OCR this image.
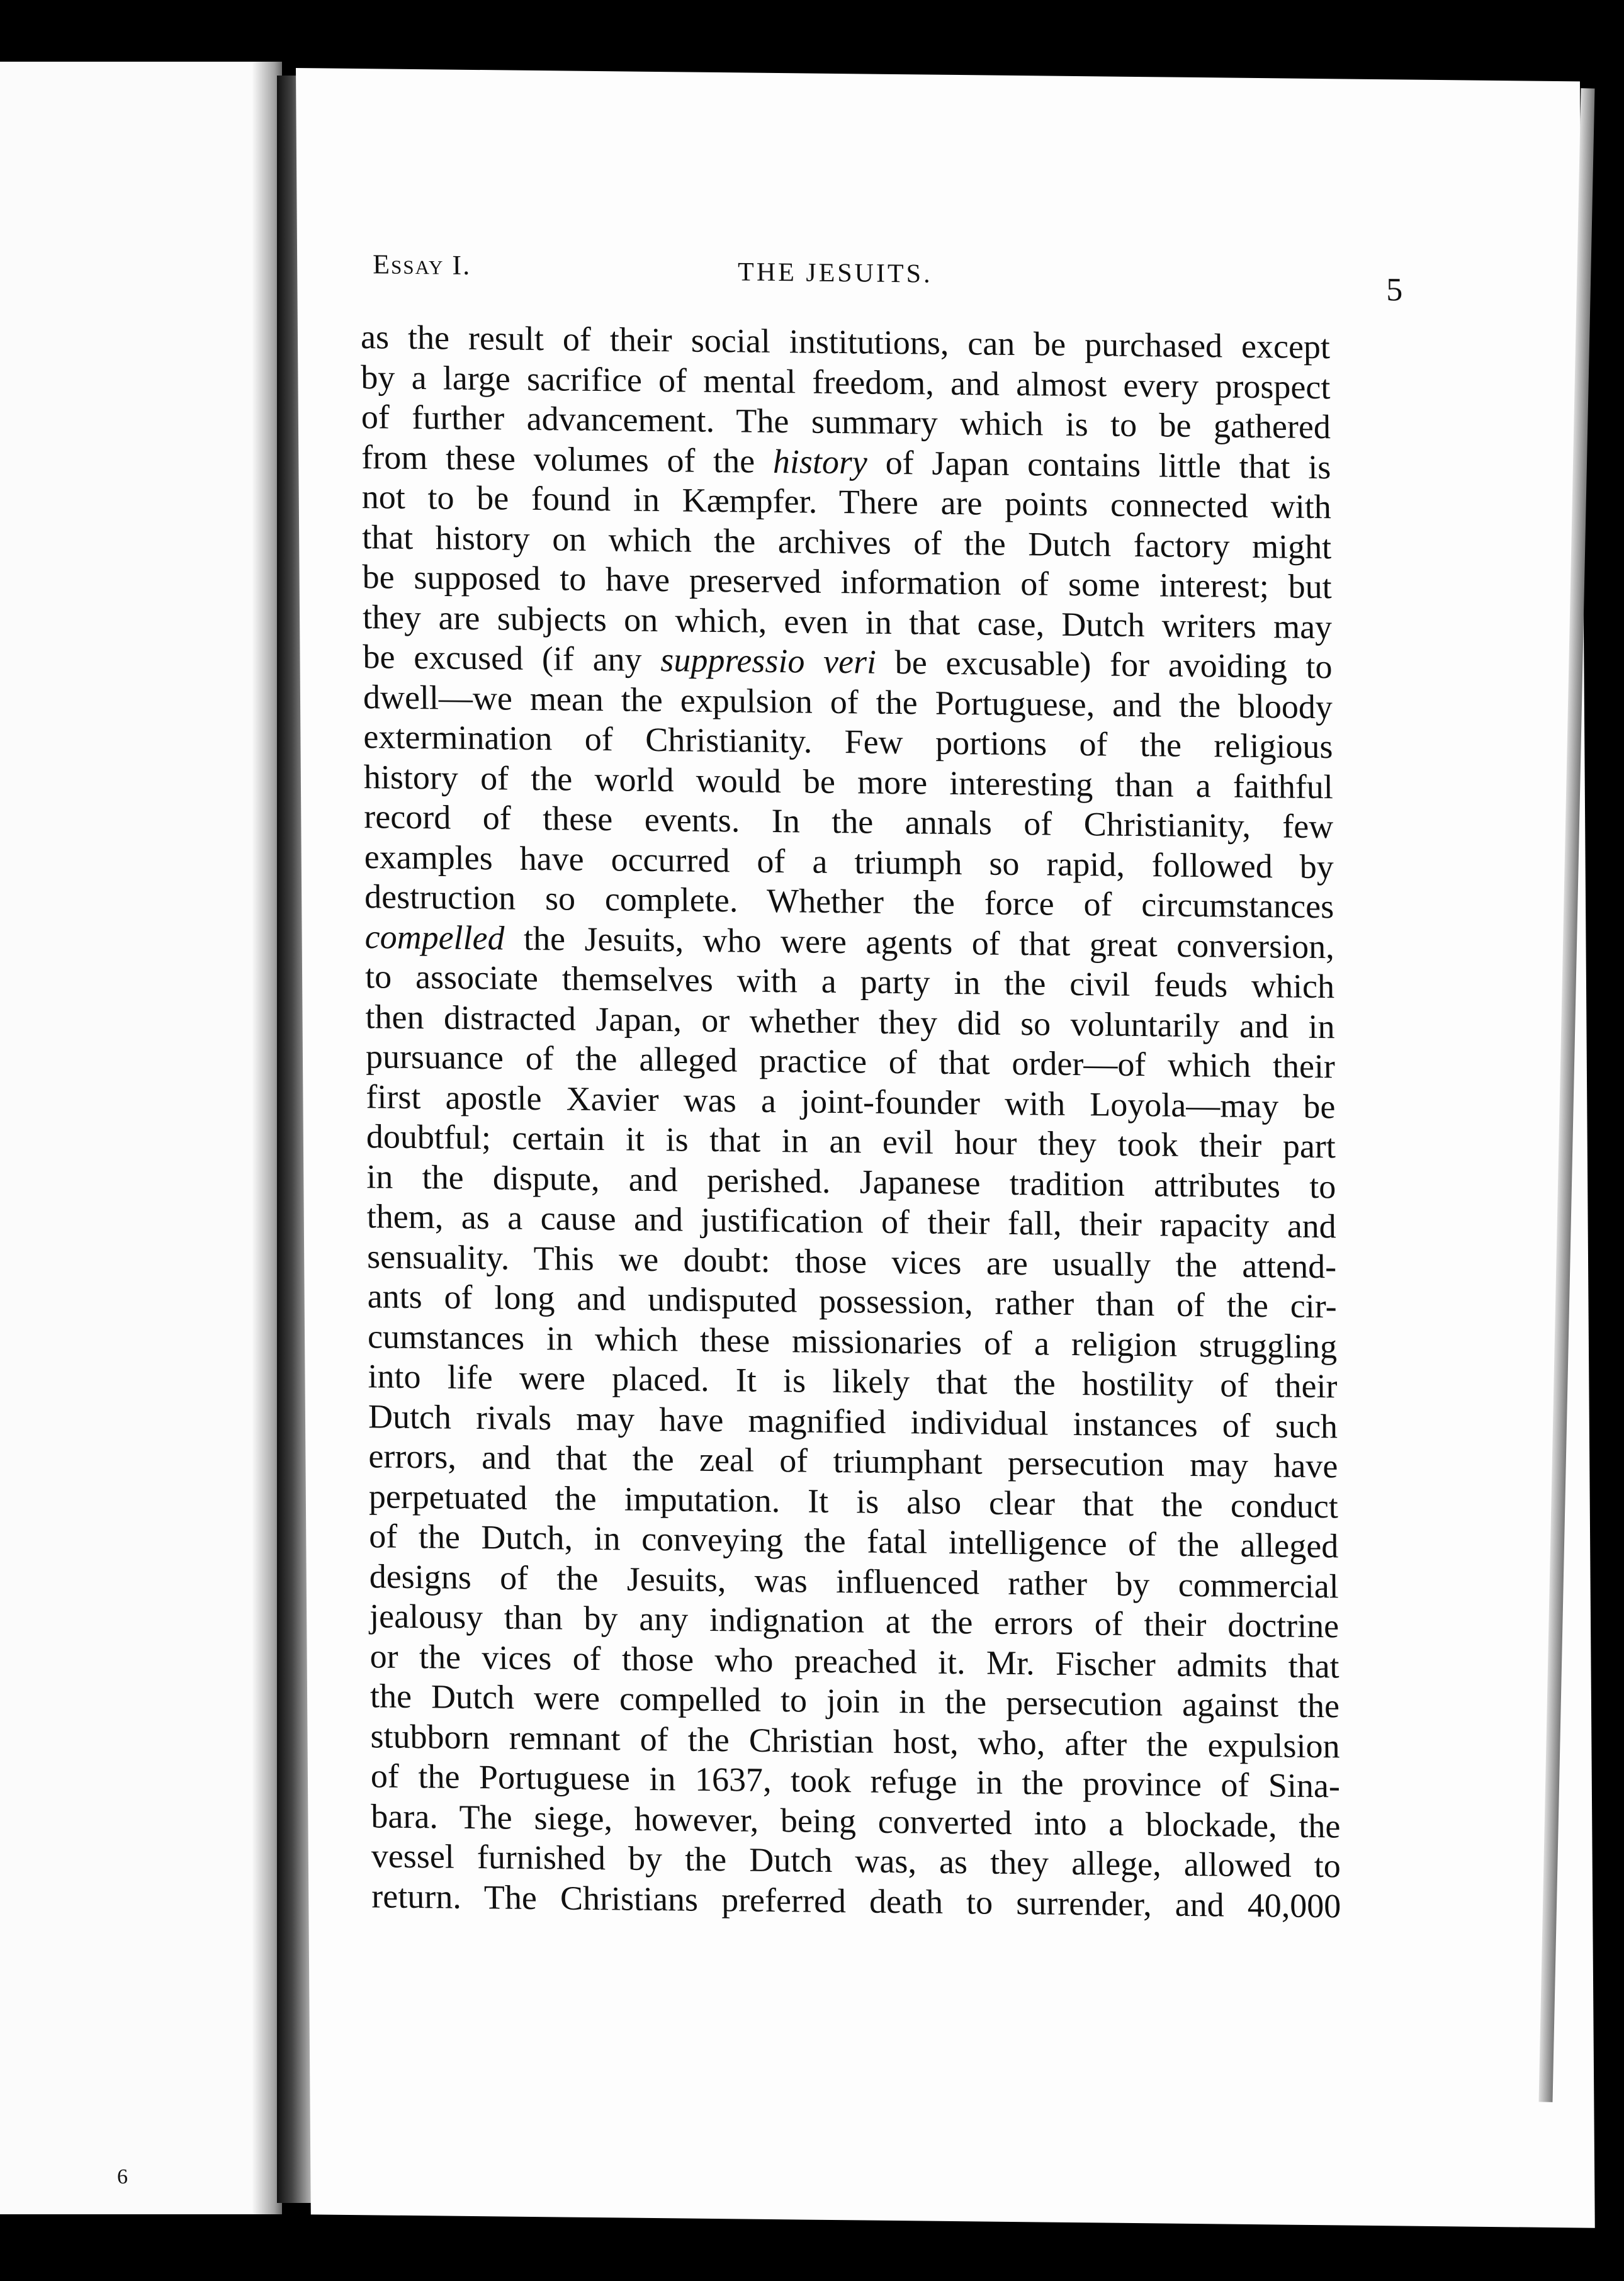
6
Essay I.	THE JESUITS.	5
as the result of their social institutions, can be purchased except
by a large sacrifice of mental freedom, and almost every prospect
of further advancement. The summary which is to be gathered
from these volumes of the history of Japan contains little that is
not to be found in Kæmpfer. There are points connected with
that history on which the archives of the Dutch factory might
be supposed to have preserved information of some interest; but
they are subjects on which, even in that case, Dutch writers may
be excused (if any suppressio veri be excusable) for avoiding to
dwell—we mean the expulsion of the Portuguese, and the bloody
extermination of Christianity. Few portions of the religious
history of the world would be more interesting than a faithful
record of these events. In the annals of Christianity, few
examples have occurred of a triumph so rapid, followed by
destruction so complete. Whether the force of circumstances
compelled the Jesuits, who were agents of that great conversion,
to associate themselves with a party in the civil feuds which
then distracted Japan, or whether they did so voluntarily and in
pursuance of the alleged practice of that order—of which their
first apostle Xavier was a joint-founder with Loyola—may be
doubtful; certain it is that in an evil hour they took their part
in the dispute, and perished. Japanese tradition attributes to
them, as a cause and justification of their fall, their rapacity and
sensuality. This we doubt: those vices are usually the attend-
ants of long and undisputed possession, rather than of the cir-
cumstances in which these missionaries of a religion struggling
into life were placed. It is likely that the hostility of their
Dutch rivals may have magnified individual instances of such
errors, and that the zeal of triumphant persecution may have
perpetuated the imputation. It is also clear that the conduct
of the Dutch, in conveying the fatal intelligence of the alleged
designs of the Jesuits, was influenced rather by commercial
jealousy than by any indignation at the errors of their doctrine
or the vices of those who preached it. Mr. Fischer admits that
the Dutch were compelled to join in the persecution against the
stubborn remnant of the Christian host, who, after the expulsion
of the Portuguese in 1637, took refuge in the province of Sina-
bara. The siege, however, being converted into a blockade, the
vessel furnished by the Dutch was, as they allege, allowed to
return. The Christians preferred death to surrender, and 40,000
